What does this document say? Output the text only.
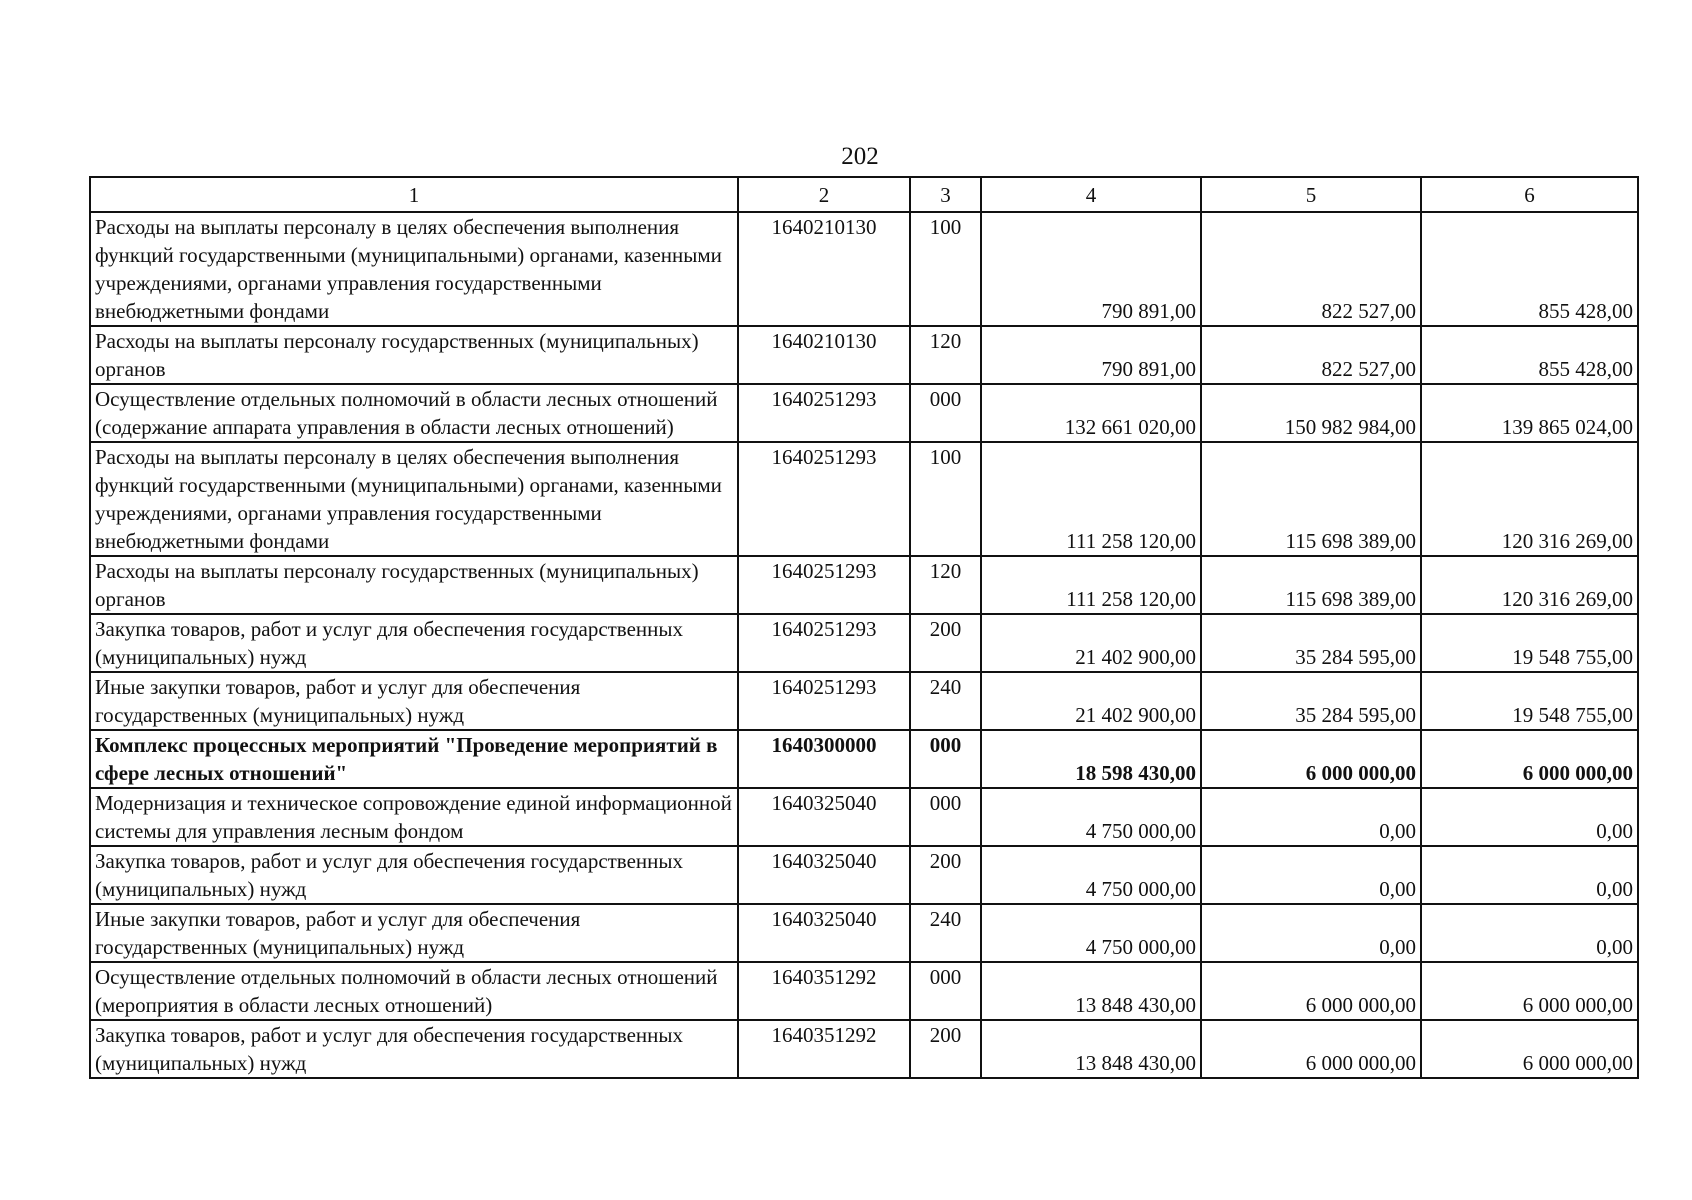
202
1	2	3	4	5	6
Расходы на выплаты персоналу в целях обеспечения выполнения функций государственными (муниципальными) органами, казенными учреждениями, органами управления государственными внебюджетными фондами	1640210130	100	790 891,00	822 527,00	855 428,00
Расходы на выплаты персоналу государственных (муниципальных) органов	1640210130	120	790 891,00	822 527,00	855 428,00
Осуществление отдельных полномочий в области лесных отношений (содержание аппарата управления в области лесных отношений)	1640251293	000	132 661 020,00	150 982 984,00	139 865 024,00
Расходы на выплаты персоналу в целях обеспечения выполнения функций государственными (муниципальными) органами, казенными учреждениями, органами управления государственными внебюджетными фондами	1640251293	100	111 258 120,00	115 698 389,00	120 316 269,00
Расходы на выплаты персоналу государственных (муниципальных) органов	1640251293	120	111 258 120,00	115 698 389,00	120 316 269,00
Закупка товаров, работ и услуг для обеспечения государственных (муниципальных) нужд	1640251293	200	21 402 900,00	35 284 595,00	19 548 755,00
Иные закупки товаров, работ и услуг для обеспечения государственных (муниципальных) нужд	1640251293	240	21 402 900,00	35 284 595,00	19 548 755,00
Комплекс процессных мероприятий "Проведение мероприятий в сфере лесных отношений"	1640300000	000	18 598 430,00	6 000 000,00	6 000 000,00
Модернизация и техническое сопровождение единой информационной системы для управления лесным фондом	1640325040	000	4 750 000,00	0,00	0,00
Закупка товаров, работ и услуг для обеспечения государственных (муниципальных) нужд	1640325040	200	4 750 000,00	0,00	0,00
Иные закупки товаров, работ и услуг для обеспечения государственных (муниципальных) нужд	1640325040	240	4 750 000,00	0,00	0,00
Осуществление отдельных полномочий в области лесных отношений (мероприятия в области лесных отношений)	1640351292	000	13 848 430,00	6 000 000,00	6 000 000,00
Закупка товаров, работ и услуг для обеспечения государственных (муниципальных) нужд	1640351292	200	13 848 430,00	6 000 000,00	6 000 000,00
